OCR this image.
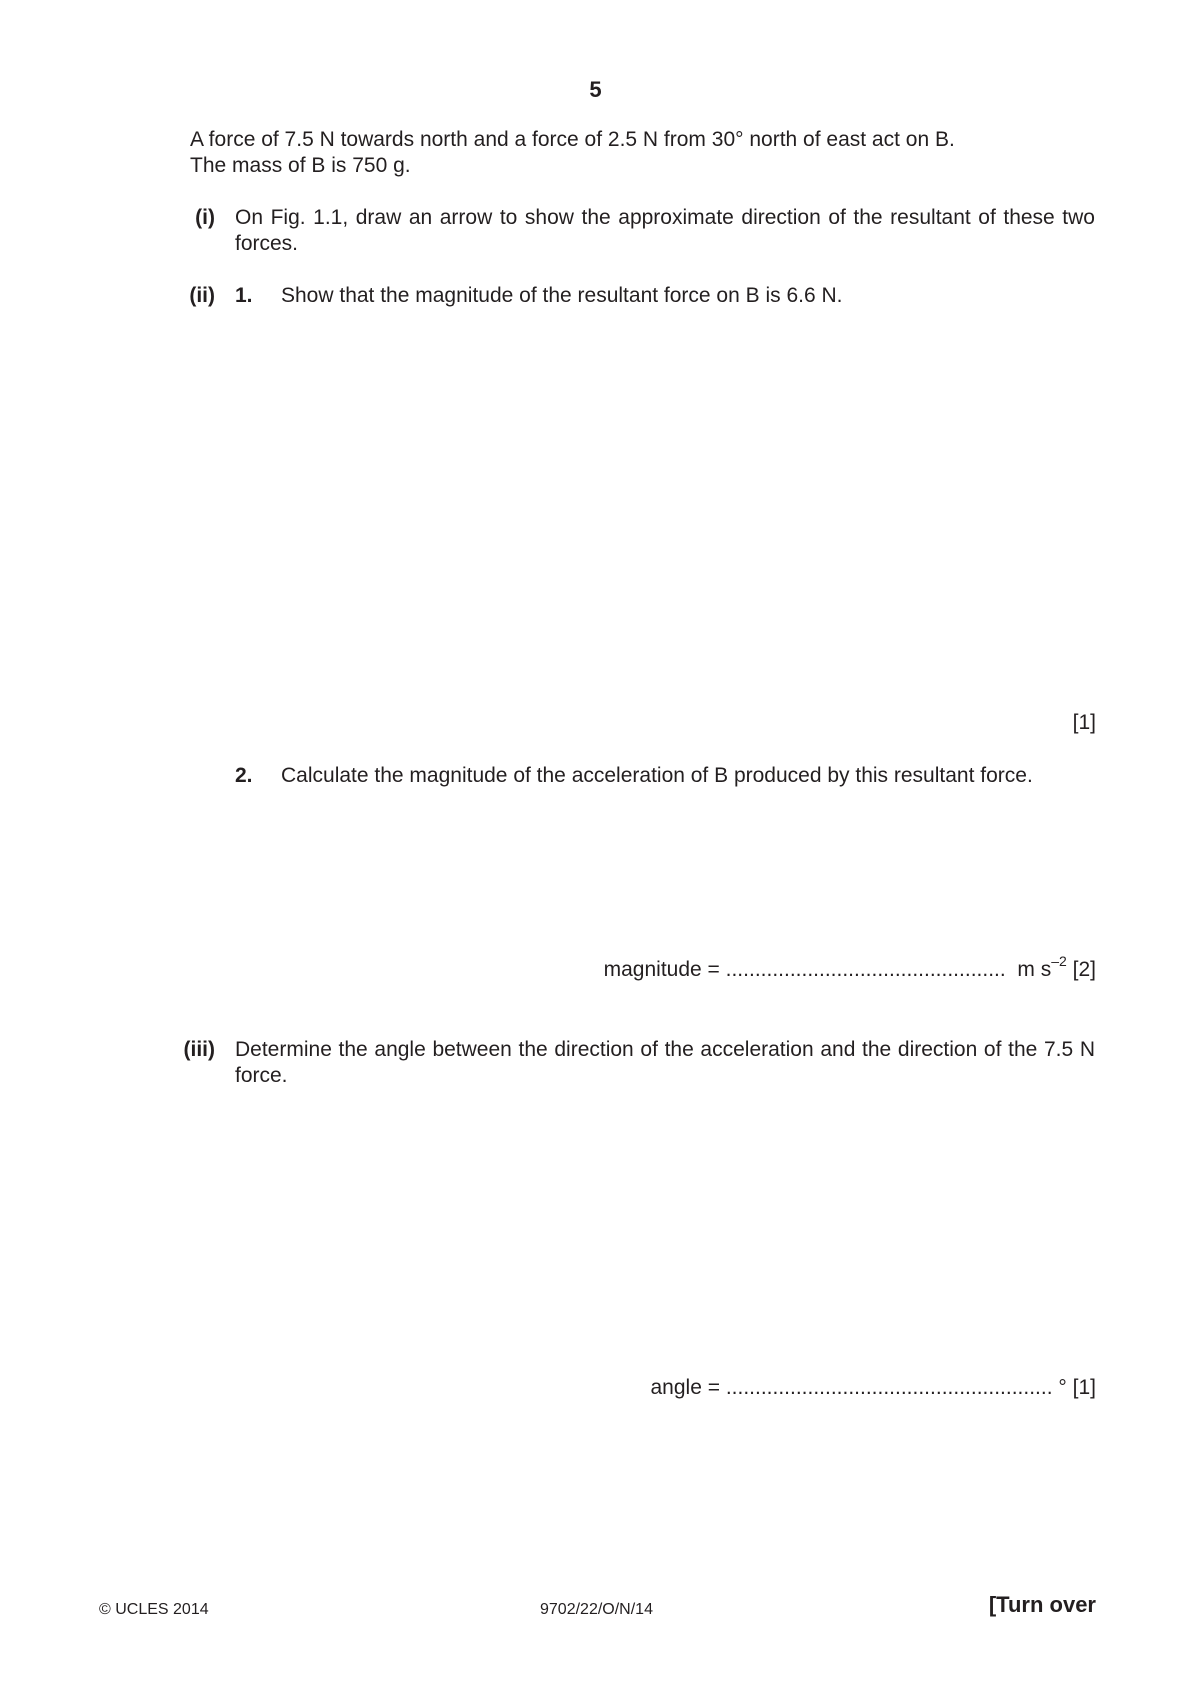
5
A force of 7.5 N towards north and a force of 2.5 N from 30° north of east act on B.
The mass of B is 750 g.
(i) On Fig. 1.1, draw an arrow to show the approximate direction of the resultant of these two forces.
(ii) 1. Show that the magnitude of the resultant force on B is 6.6 N.
[1]
2. Calculate the magnitude of the acceleration of B produced by this resultant force.
magnitude = ................................................ m $s^{-2}$ [2]
(iii) Determine the angle between the direction of the acceleration and the direction of the 7.5 N force.
angle = ........................................................ ° [1]
© UCLES 2014	9702/22/O/N/14	[Turn over
